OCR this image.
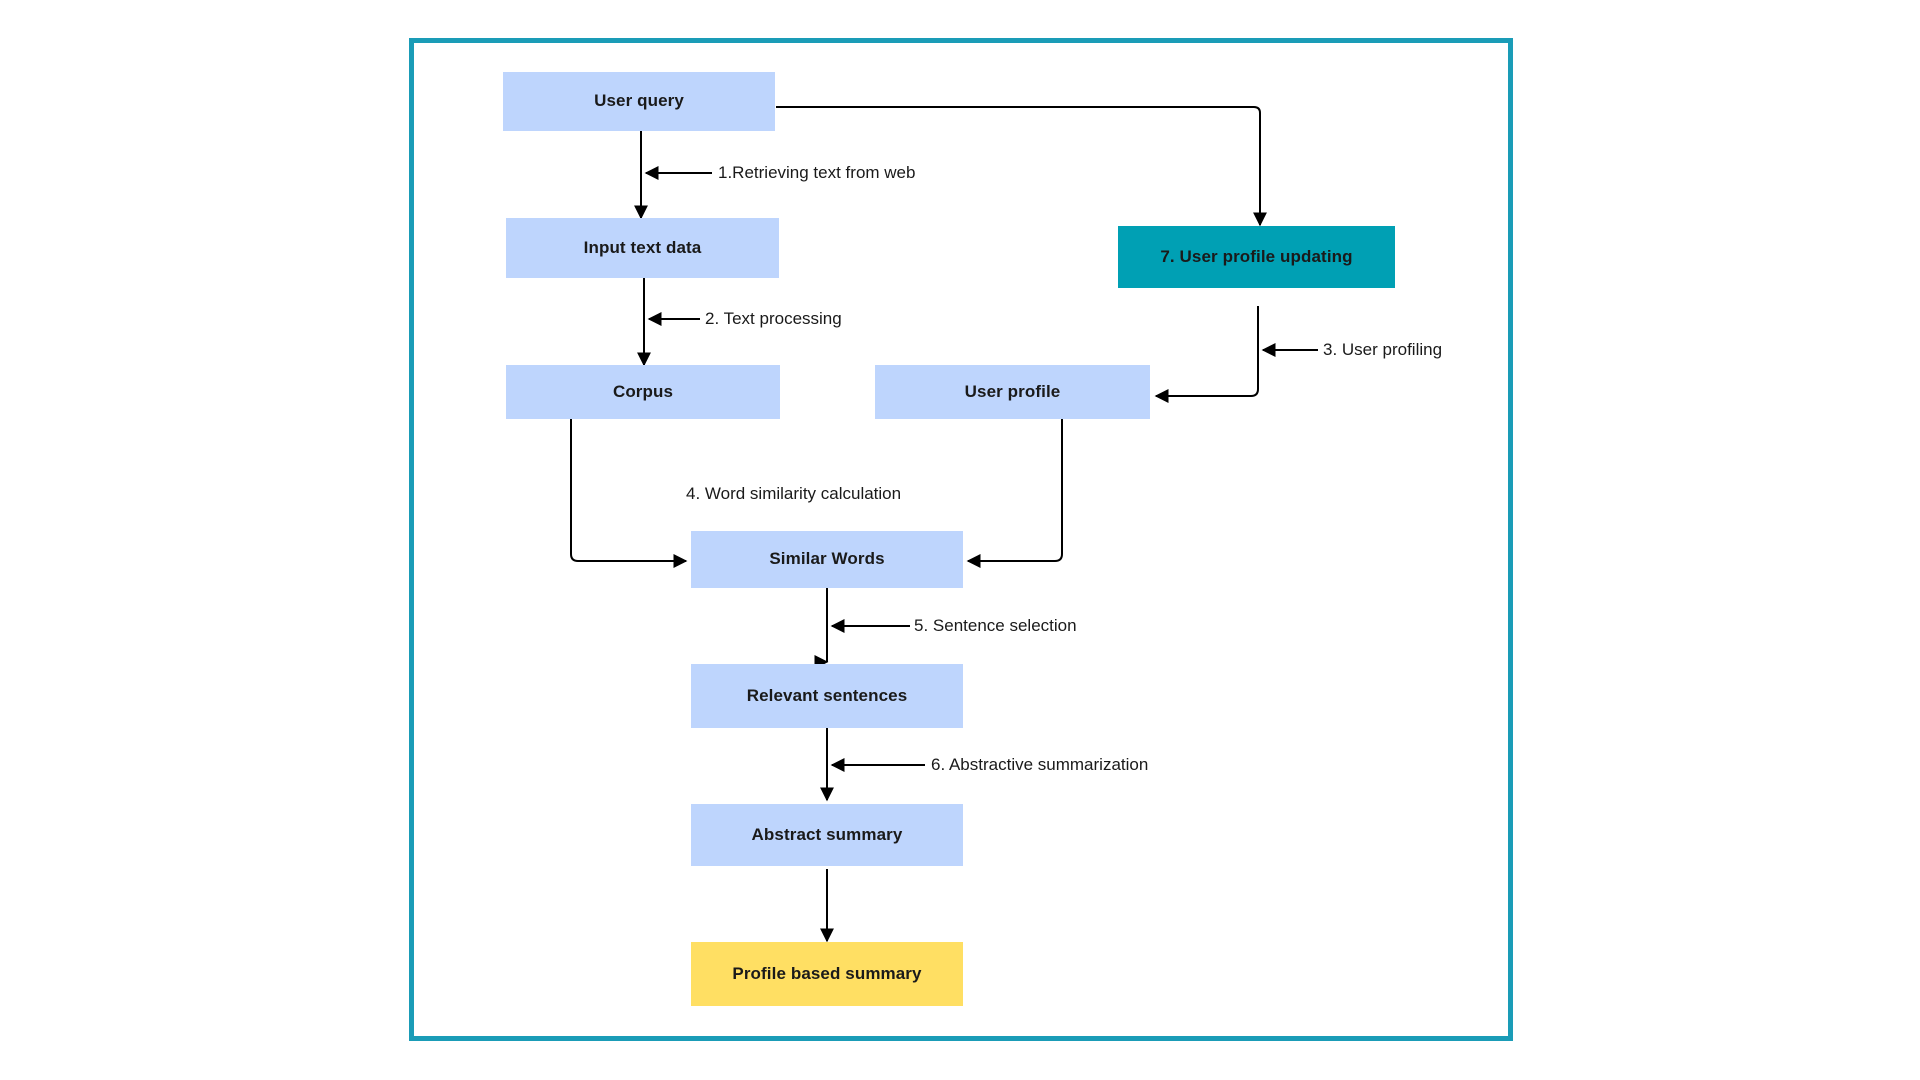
User query
Input text data	7. User profile updating
Corpus	User profile
Similar Words
Relevant sentences
Abstract summary
Profile based summary
1.Retrieving text from web
2. Text processing
3. User profiling
4. Word similarity calculation
5. Sentence selection
6. Abstractive summarization
